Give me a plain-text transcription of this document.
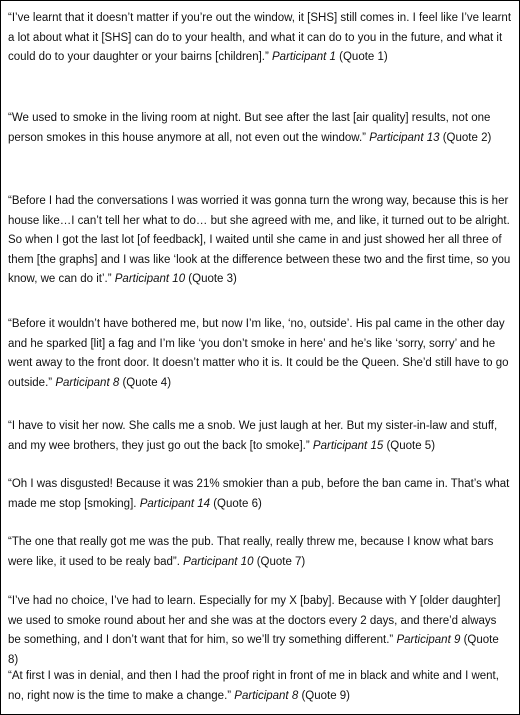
“I’ve learnt that it doesn’t matter if you’re out the window, it [SHS] still comes in. I feel like I’ve learnt a lot about what it [SHS] can do to your health, and what it can do to you in the future, and what it could do to your daughter or your bairns [children].” Participant 1 (Quote 1)

“We used to smoke in the living room at night. But see after the last [air quality] results, not one person smokes in this house anymore at all, not even out the window.” Participant 13 (Quote 2)

“Before I had the conversations I was worried it was gonna turn the wrong way, because this is her house like…I can’t tell her what to do… but she agreed with me, and like, it turned out to be alright. So when I got the last lot [of feedback], I waited until she came in and just showed her all three of them [the graphs] and I was like ‘look at the difference between these two and the first time, so you know, we can do it’.” Participant 10 (Quote 3)

“Before it wouldn’t have bothered me, but now I’m like, ‘no, outside’. His pal came in the other day and he sparked [lit] a fag and I’m like ‘you don’t smoke in here’ and he’s like ‘sorry, sorry’ and he went away to the front door. It doesn’t matter who it is. It could be the Queen. She’d still have to go outside.” Participant 8 (Quote 4)

“I have to visit her now. She calls me a snob. We just laugh at her. But my sister-in-law and stuff, and my wee brothers, they just go out the back [to smoke].” Participant 15 (Quote 5)

“Oh I was disgusted! Because it was 21% smokier than a pub, before the ban came in. That’s what made me stop [smoking]. Participant 14 (Quote 6)

“The one that really got me was the pub. That really, really threw me, because I know what bars were like, it used to be realy bad”. Participant 10 (Quote 7)

“I’ve had no choice, I’ve had to learn. Especially for my X [baby]. Because with Y [older daughter] we used to smoke round about her and she was at the doctors every 2 days, and there’d always be something, and I don’t want that for him, so we’ll try something different.” Participant 9 (Quote 8)

“At first I was in denial, and then I had the proof right in front of me in black and white and I went, no, right now is the time to make a change.” Participant 8 (Quote 9)
